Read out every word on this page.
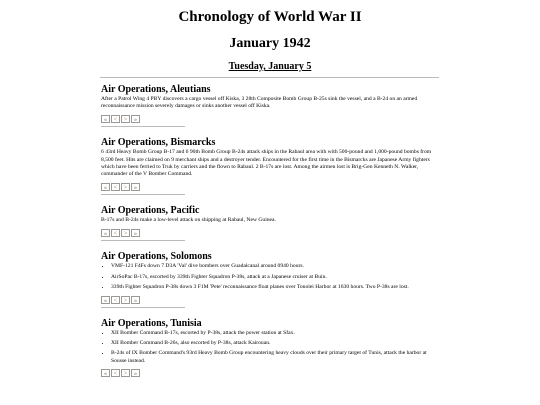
Chronology of World War II
January 1942
Tuesday, January 5
Air Operations, Aleutians

After a Patrol Wing 4 PBY discovers a cargo vessel off Kiska, 3 28th Composite Bomb Group B-25s sink the vessel, and a B-24 on an armed reconnaissance mission severely damages or sinks another vessel off Kiska.

«	<	>	»
Air Operations, Bismarcks

6 43rd Heavy Bomb Group B-17 and 6 90th Bomb Group B-24s attack ships in the Rabaul area with with 500-pound and 1,000-pound bombs from 8,500 feet. Hits are claimed on 9 merchant ships and a destroyer tender. Encountered for the first time in the Bismarcks are Japanese Army fighters which have been ferried to Truk by carriers and the flown to Rabaul. 2 B-17s are lost. Among the airmen lost is Brig-Gen Kenneth N. Walker, commander of the V Bomber Command.

«	<	>	»
Air Operations, Pacific

B-17s and B-24s make a low-level attack on shipping at Rabaul, New Guinea.

«	<	>	»
Air Operations, Solomons
• VMF-121 F4Fs down 7 D3A 'Val' dive bombers over Guadalcanal around 0940 hours.
• AirSoPac B-17s, escorted by 339th Fighter Squadron P-38s, attack at a Japanese cruiser at Buin.
• 339th Fighter Squadron P-38s down 3 F1M 'Pete' reconnaissance float planes over Tonolei Harbor at 1630 hours. Two P-38s are lost.
«	<	>	»
Air Operations, Tunisia
• XII Bomber Command B-17s, escorted by P-38s, attack the power station at Sfax.
• XII Bomber Command B-26s, also escorted by P-38s, attack Kairouan.
• B-24s of IX Bomber Command's 93rd Heavy Bomb Group encountering heavy clouds over their primary target of Tunis, attack the harbor at Sousse instead.
«	<	>	»
